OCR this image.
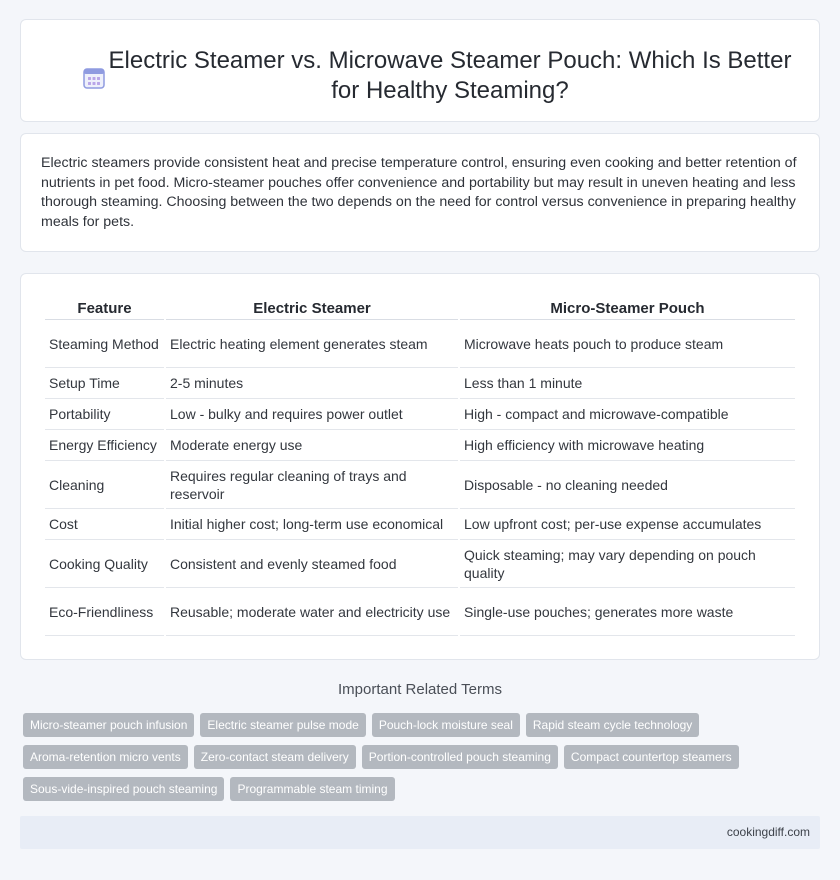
Electric Steamer vs. Microwave Steamer Pouch: Which Is Better for Healthy Steaming?

Electric steamers provide consistent heat and precise temperature control, ensuring even cooking and better retention of nutrients in pet food. Micro-steamer pouches offer convenience and portability but may result in uneven heating and less thorough steaming. Choosing between the two depends on the need for control versus convenience in preparing healthy meals for pets.

Feature	Electric Steamer	Micro-Steamer Pouch
Steaming Method	Electric heating element generates steam	Microwave heats pouch to produce steam
Setup Time	2-5 minutes	Less than 1 minute
Portability	Low - bulky and requires power outlet	High - compact and microwave-compatible
Energy Efficiency	Moderate energy use	High efficiency with microwave heating
Cleaning	Requires regular cleaning of trays and reservoir	Disposable - no cleaning needed
Cost	Initial higher cost; long-term use economical	Low upfront cost; per-use expense accumulates
Cooking Quality	Consistent and evenly steamed food	Quick steaming; may vary depending on pouch quality
Eco-Friendliness	Reusable; moderate water and electricity use	Single-use pouches; generates more waste
Important Related Terms
Micro-steamer pouch infusion	Electric steamer pulse mode	Pouch-lock moisture seal	Rapid steam cycle technology
Aroma-retention micro vents	Zero-contact steam delivery	Portion-controlled pouch steaming	Compact countertop steamers
Sous-vide-inspired pouch steaming	Programmable steam timing
cookingdiff.com
